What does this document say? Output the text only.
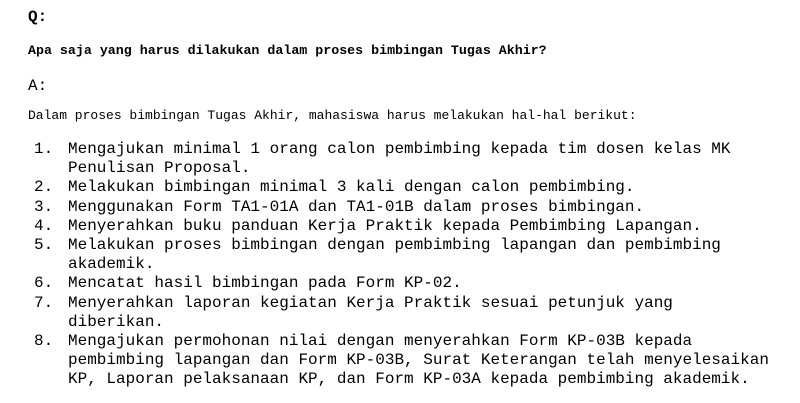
Q:
Apa saja yang harus dilakukan dalam proses bimbingan Tugas Akhir?
A:
Dalam proses bimbingan Tugas Akhir, mahasiswa harus melakukan hal-hal berikut:
1. Mengajukan minimal 1 orang calon pembimbing kepada tim dosen kelas MK
Penulisan Proposal.
2. Melakukan bimbingan minimal 3 kali dengan calon pembimbing.
3. Menggunakan Form TA1-01A dan TA1-01B dalam proses bimbingan.
4. Menyerahkan buku panduan Kerja Praktik kepada Pembimbing Lapangan.
5. Melakukan proses bimbingan dengan pembimbing lapangan dan pembimbing
akademik.
6. Mencatat hasil bimbingan pada Form KP-02.
7. Menyerahkan laporan kegiatan Kerja Praktik sesuai petunjuk yang
diberikan.
8. Mengajukan permohonan nilai dengan menyerahkan Form KP-03B kepada
pembimbing lapangan dan Form KP-03B, Surat Keterangan telah menyelesaikan
KP, Laporan pelaksanaan KP, dan Form KP-03A kepada pembimbing akademik.
